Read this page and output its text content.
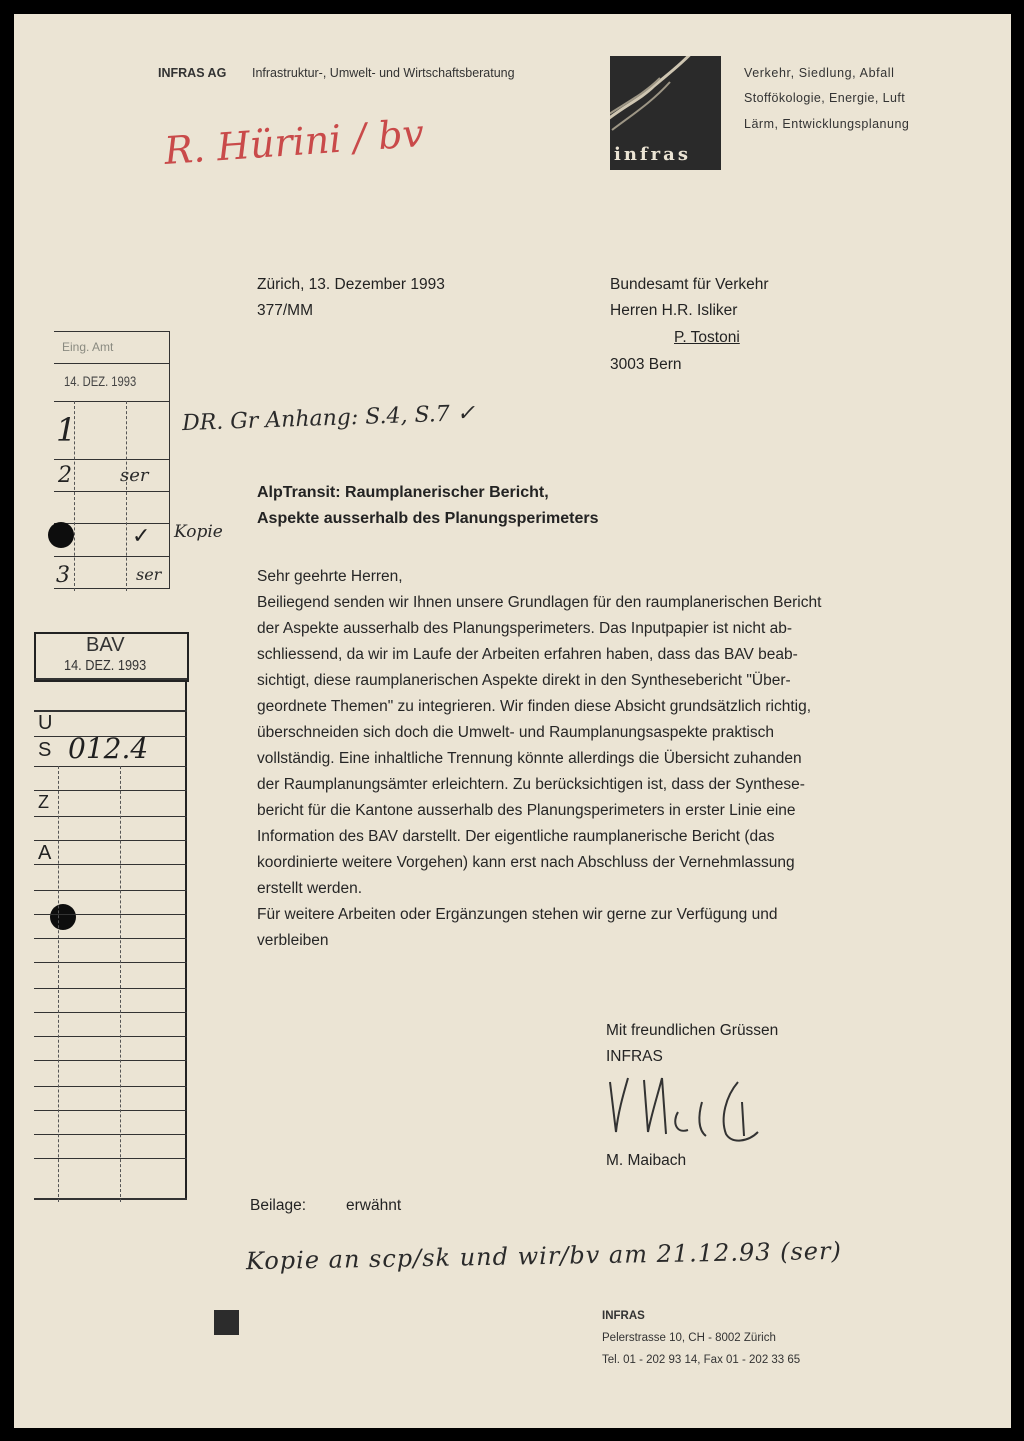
INFRAS AG Infrastruktur-, Umwelt- und Wirtschaftsberatung
infras
Verkehr, Siedlung, Abfall
Stoffökologie, Energie, Luft
Lärm, Entwicklungsplanung
R. Hürini / bv
Zürich, 13. Dezember 1993
377/MM
Bundesamt für Verkehr
Herren H.R. Isliker
P. Tostoni
3003 Bern
Eing. Amt
14. DEZ. 1993
1
2
3
ser
ser
✓ Kopie
DR. Gr Anhang: S.4, S.7 ✓
BAV
14. DEZ. 1993
U
S
Z
A
012.4
AlpTransit: Raumplanerischer Bericht,
Aspekte ausserhalb des Planungsperimeters
Sehr geehrte Herren,
Beiliegend senden wir Ihnen unsere Grundlagen für den raumplanerischen Bericht
der Aspekte ausserhalb des Planungsperimeters. Das Inputpapier ist nicht ab-
schliessend, da wir im Laufe der Arbeiten erfahren haben, dass das BAV beab-
sichtigt, diese raumplanerischen Aspekte direkt in den Synthesebericht "Über-
geordnete Themen" zu integrieren. Wir finden diese Absicht grundsätzlich richtig,
überschneiden sich doch die Umwelt- und Raumplanungsaspekte praktisch
vollständig. Eine inhaltliche Trennung könnte allerdings die Übersicht zuhanden
der Raumplanungsämter erleichtern. Zu berücksichtigen ist, dass der Synthese-
bericht für die Kantone ausserhalb des Planungsperimeters in erster Linie eine
Information des BAV darstellt. Der eigentliche raumplanerische Bericht (das
koordinierte weitere Vorgehen) kann erst nach Abschluss der Vernehmlassung
erstellt werden.
Für weitere Arbeiten oder Ergänzungen stehen wir gerne zur Verfügung und
verbleiben
Mit freundlichen Grüssen
INFRAS
M. Maibach
Beilage:	erwähnt
Kopie an scp/sk und wir/bv am 21.12.93 (ser)
INFRAS
Pelerstrasse 10, CH - 8002 Zürich
Tel. 01 - 202 93 14, Fax 01 - 202 33 65
